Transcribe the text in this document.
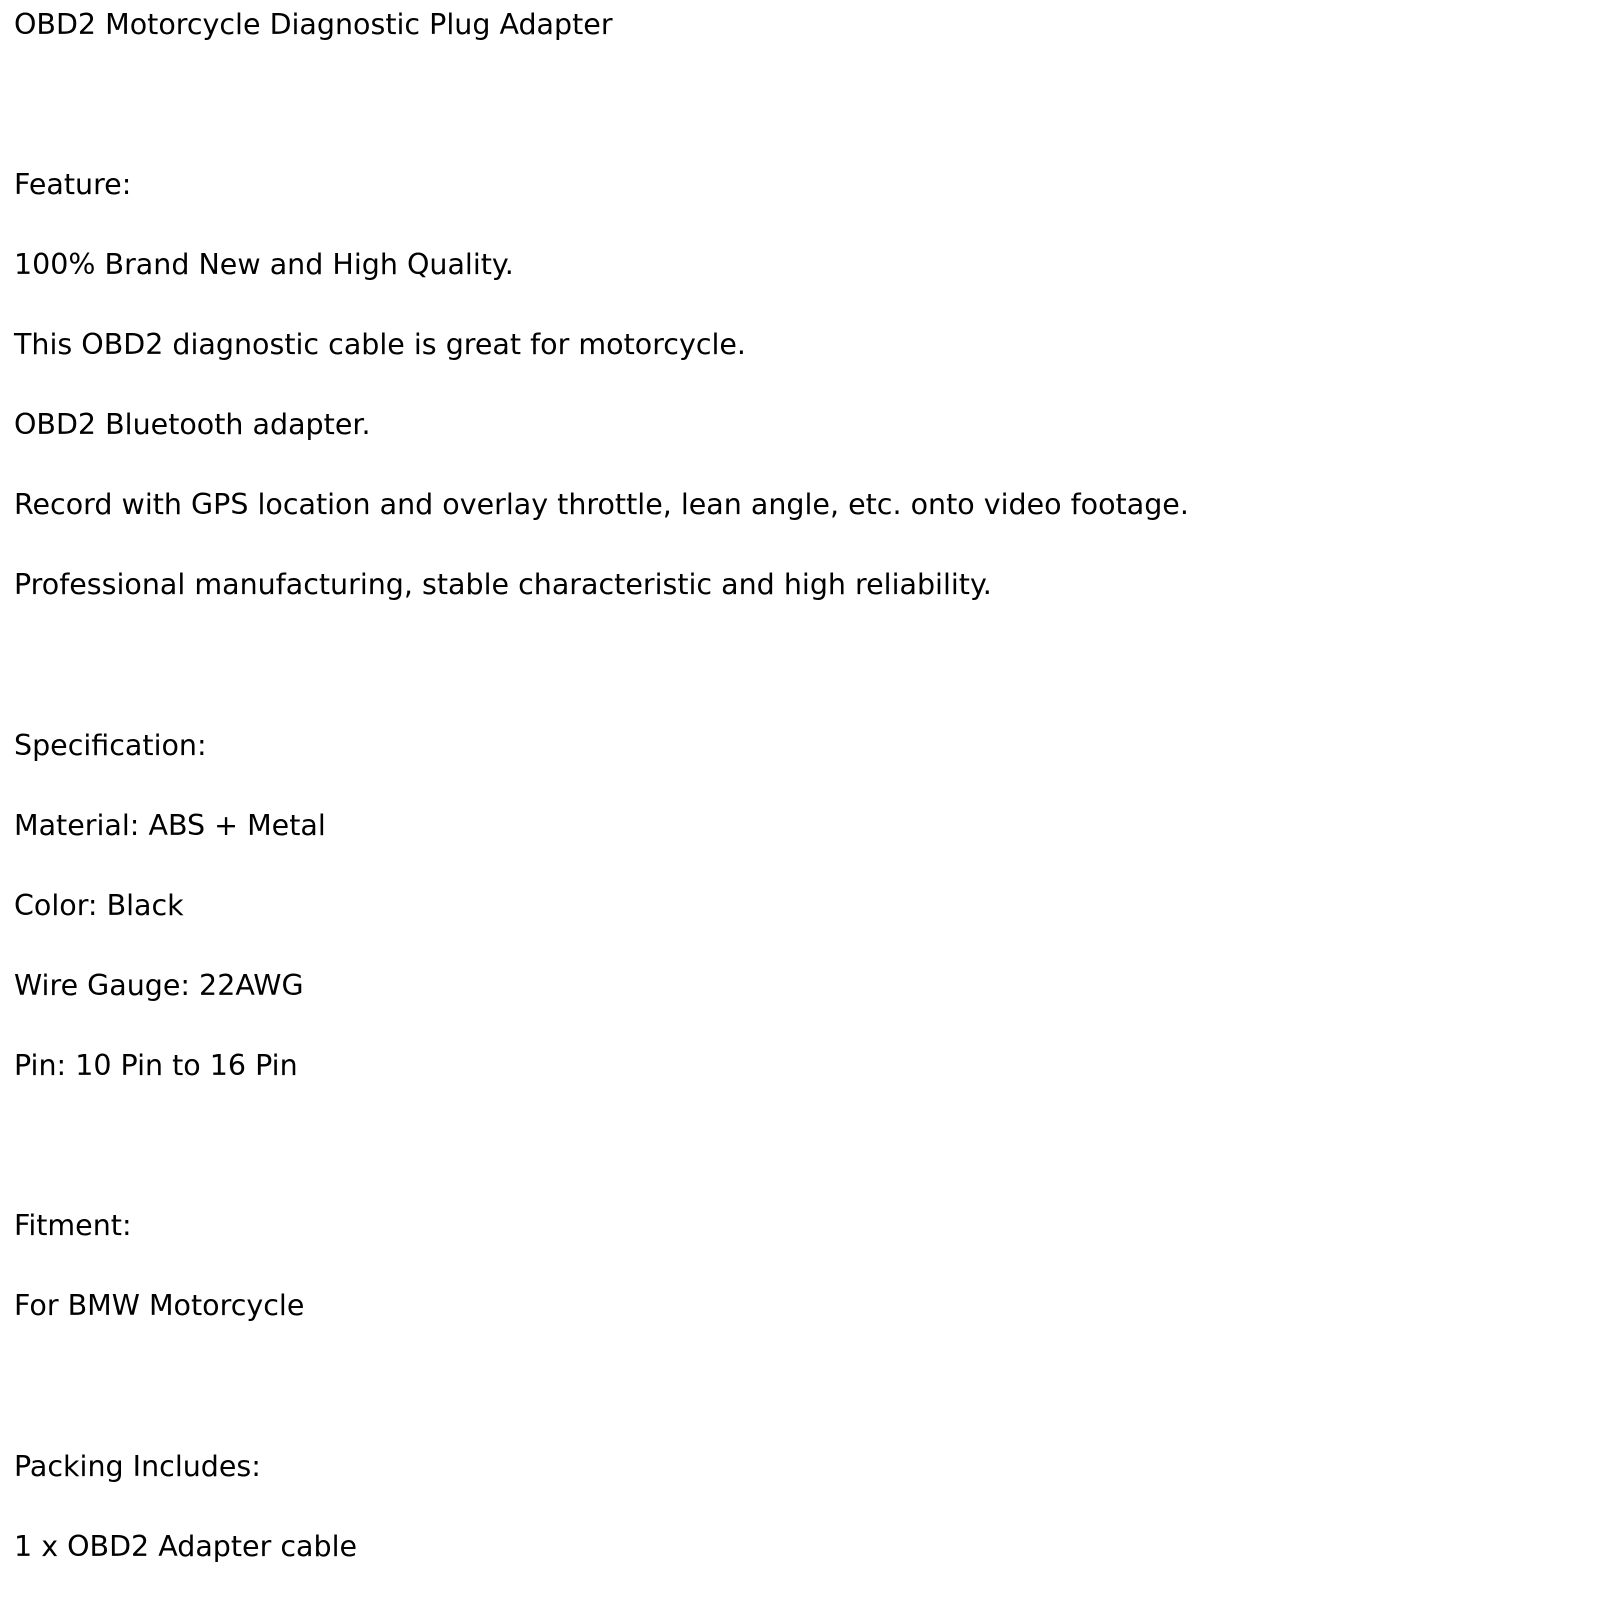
OBD2 Motorcycle Diagnostic Plug Adapter

Feature:

100% Brand New and High Quality.

This OBD2 diagnostic cable is great for motorcycle.

OBD2 Bluetooth adapter.

Record with GPS location and overlay throttle, lean angle, etc. onto video footage.

Professional manufacturing, stable characteristic and high reliability.

Specification:

Material: ABS + Metal

Color: Black

Wire Gauge: 22AWG

Pin: 10 Pin to 16 Pin

Fitment:

For BMW Motorcycle

Packing Includes:

1 x OBD2 Adapter cable
